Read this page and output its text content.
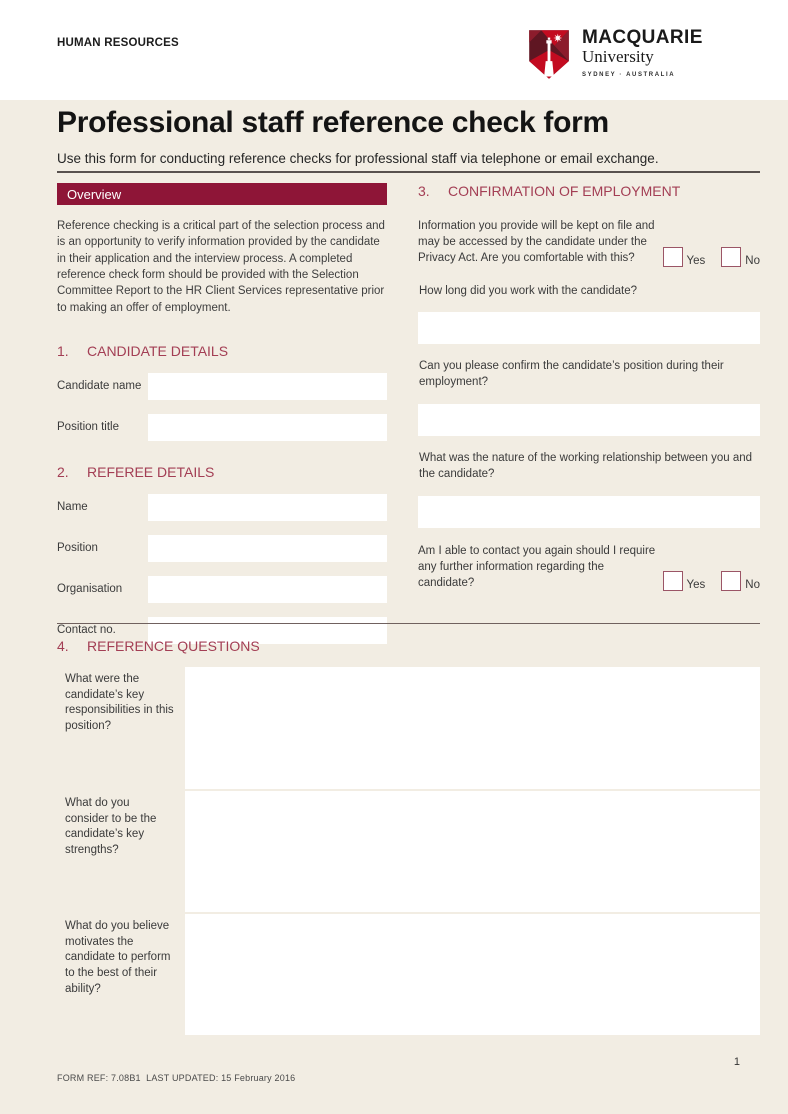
HUMAN RESOURCES	MACQUARIE
University
SYDNEY · AUSTRALIA
Professional staff reference check form
Use this form for conducting reference checks for professional staff via telephone or email exchange.
Overview

Reference checking is a critical part of the selection process and is an opportunity to verify information provided by the candidate in their application and the interview process. A completed reference check form should be provided with the Selection Committee Report to the HR Client Services representative prior to making an offer of employment.

1.	CANDIDATE DETAILS
Candidate name
Position title
2.	REFEREE DETAILS
Name
Position
Organisation
Contact no.
3.	CONFIRMATION OF EMPLOYMENT
Information you provide will be kept on file and may be accessed by the candidate under the Privacy Act. Are you comfortable with this?	Yes	No
How long did you work with the candidate?
Can you please confirm the candidate’s position during their employment?
What was the nature of the working relationship between you and the candidate?
Am I able to contact you again should I require any further information regarding the candidate?	Yes	No
4.	REFERENCE QUESTIONS
What were the candidate’s key responsibilities in this position?
What do you consider to be the candidate’s key strengths?
What do you believe motivates the candidate to perform to the best of their ability?
FORM REF: 7.08B1  LAST UPDATED: 15 February 2016
1
